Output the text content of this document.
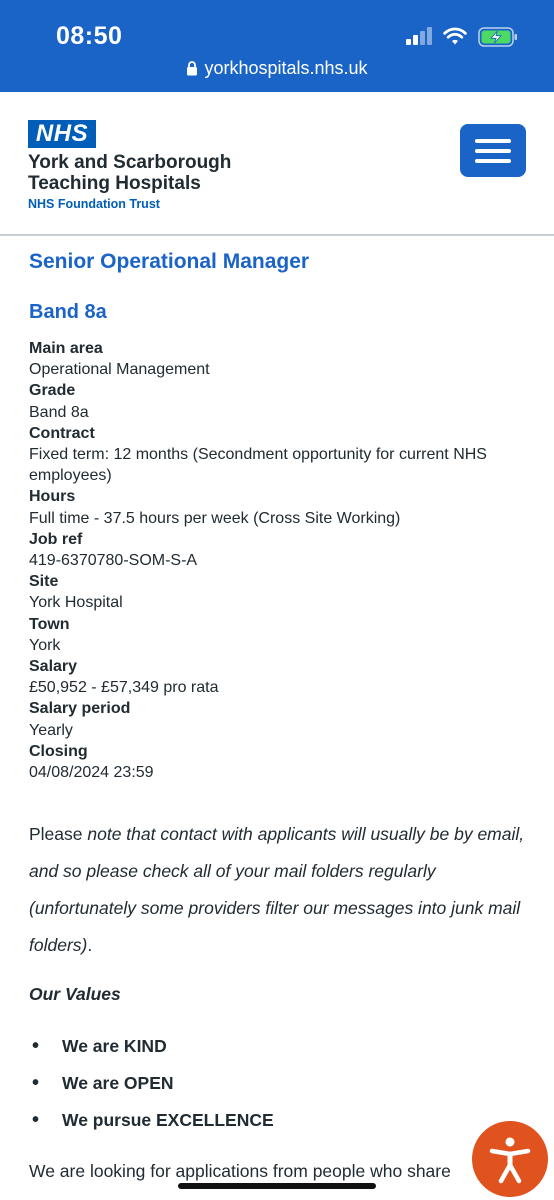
08:50
yorkhospitals.nhs.uk
NHS
York and Scarborough
Teaching Hospitals
NHS Foundation Trust
Senior Operational Manager
Band 8a
Main area
Operational Management
Grade
Band 8a
Contract
Fixed term: 12 months (Secondment opportunity for current NHS employees)
Hours
Full time - 37.5 hours per week (Cross Site Working)
Job ref
419-6370780-SOM-S-A
Site
York Hospital
Town
York
Salary
£50,952 - £57,349 pro rata
Salary period
Yearly
Closing
04/08/2024 23:59

Please note that contact with applicants will usually be by email, and so please check all of your mail folders regularly (unfortunately some providers filter our messages into junk mail folders).

Our Values

• We are KIND
• We are OPEN
• We pursue EXCELLENCE

We are looking for applications from people who share
